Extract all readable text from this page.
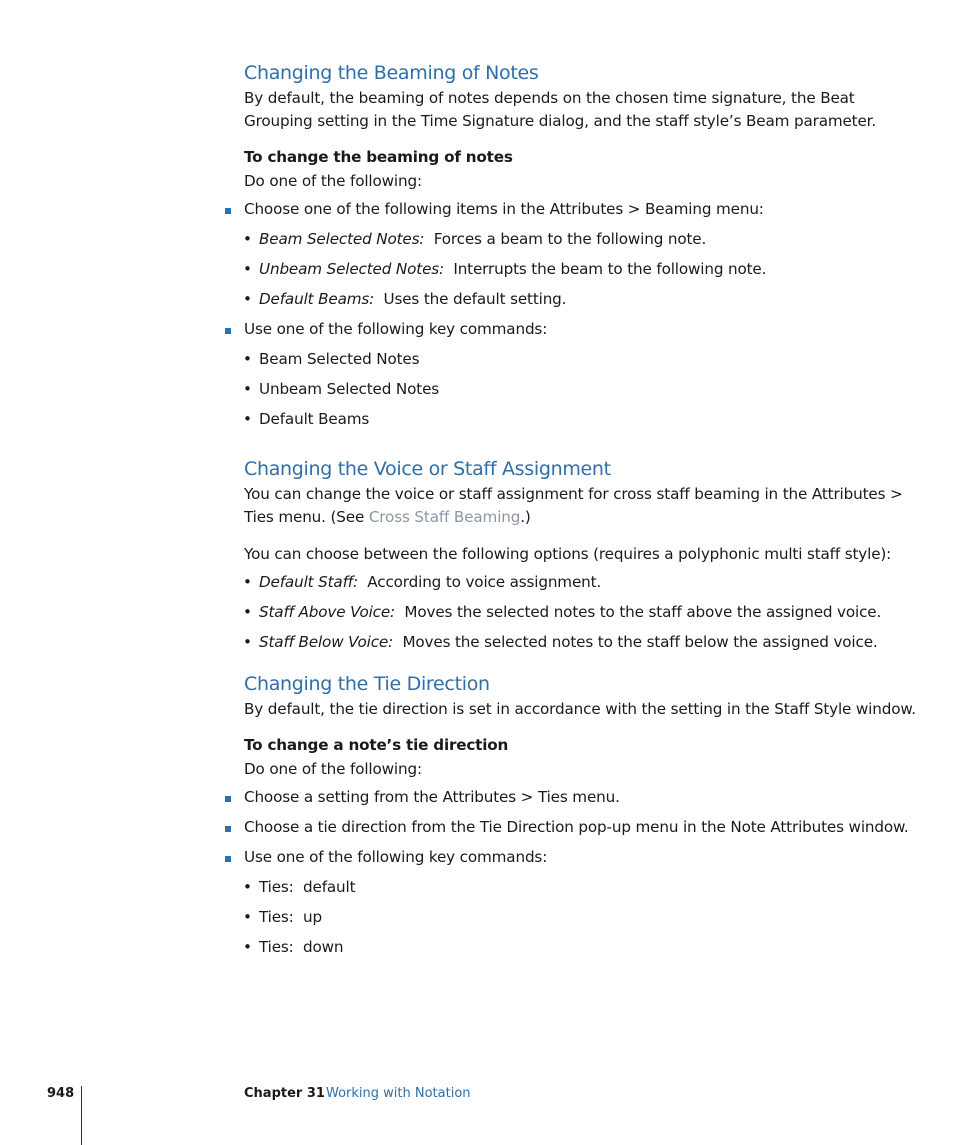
Changing the Beaming of Notes

By default, the beaming of notes depends on the chosen time signature, the Beat Grouping setting in the Time Signature dialog, and the staff style’s Beam parameter.

To change the beaming of notes
Do one of the following:
Choose one of the following items in the Attributes > Beaming menu:
• Beam Selected Notes: Forces a beam to the following note.
• Unbeam Selected Notes: Interrupts the beam to the following note.
• Default Beams: Uses the default setting.
Use one of the following key commands:
• Beam Selected Notes
• Unbeam Selected Notes
• Default Beams
Changing the Voice or Staff Assignment
You can change the voice or staff assignment for cross staff beaming in the Attributes >
Ties menu. (See Cross Staff Beaming.)
You can choose between the following options (requires a polyphonic multi staff style):
• Default Staff: According to voice assignment.
• Staff Above Voice: Moves the selected notes to the staff above the assigned voice.
• Staff Below Voice: Moves the selected notes to the staff below the assigned voice.
Changing the Tie Direction
By default, the tie direction is set in accordance with the setting in the Staff Style window.
To change a note’s tie direction
Do one of the following:
Choose a setting from the Attributes > Ties menu.
Choose a tie direction from the Tie Direction pop-up menu in the Note Attributes window.
Use one of the following key commands:
• Ties:  default
• Ties:  up
• Ties:  down
948	Chapter 31 Working with Notation
